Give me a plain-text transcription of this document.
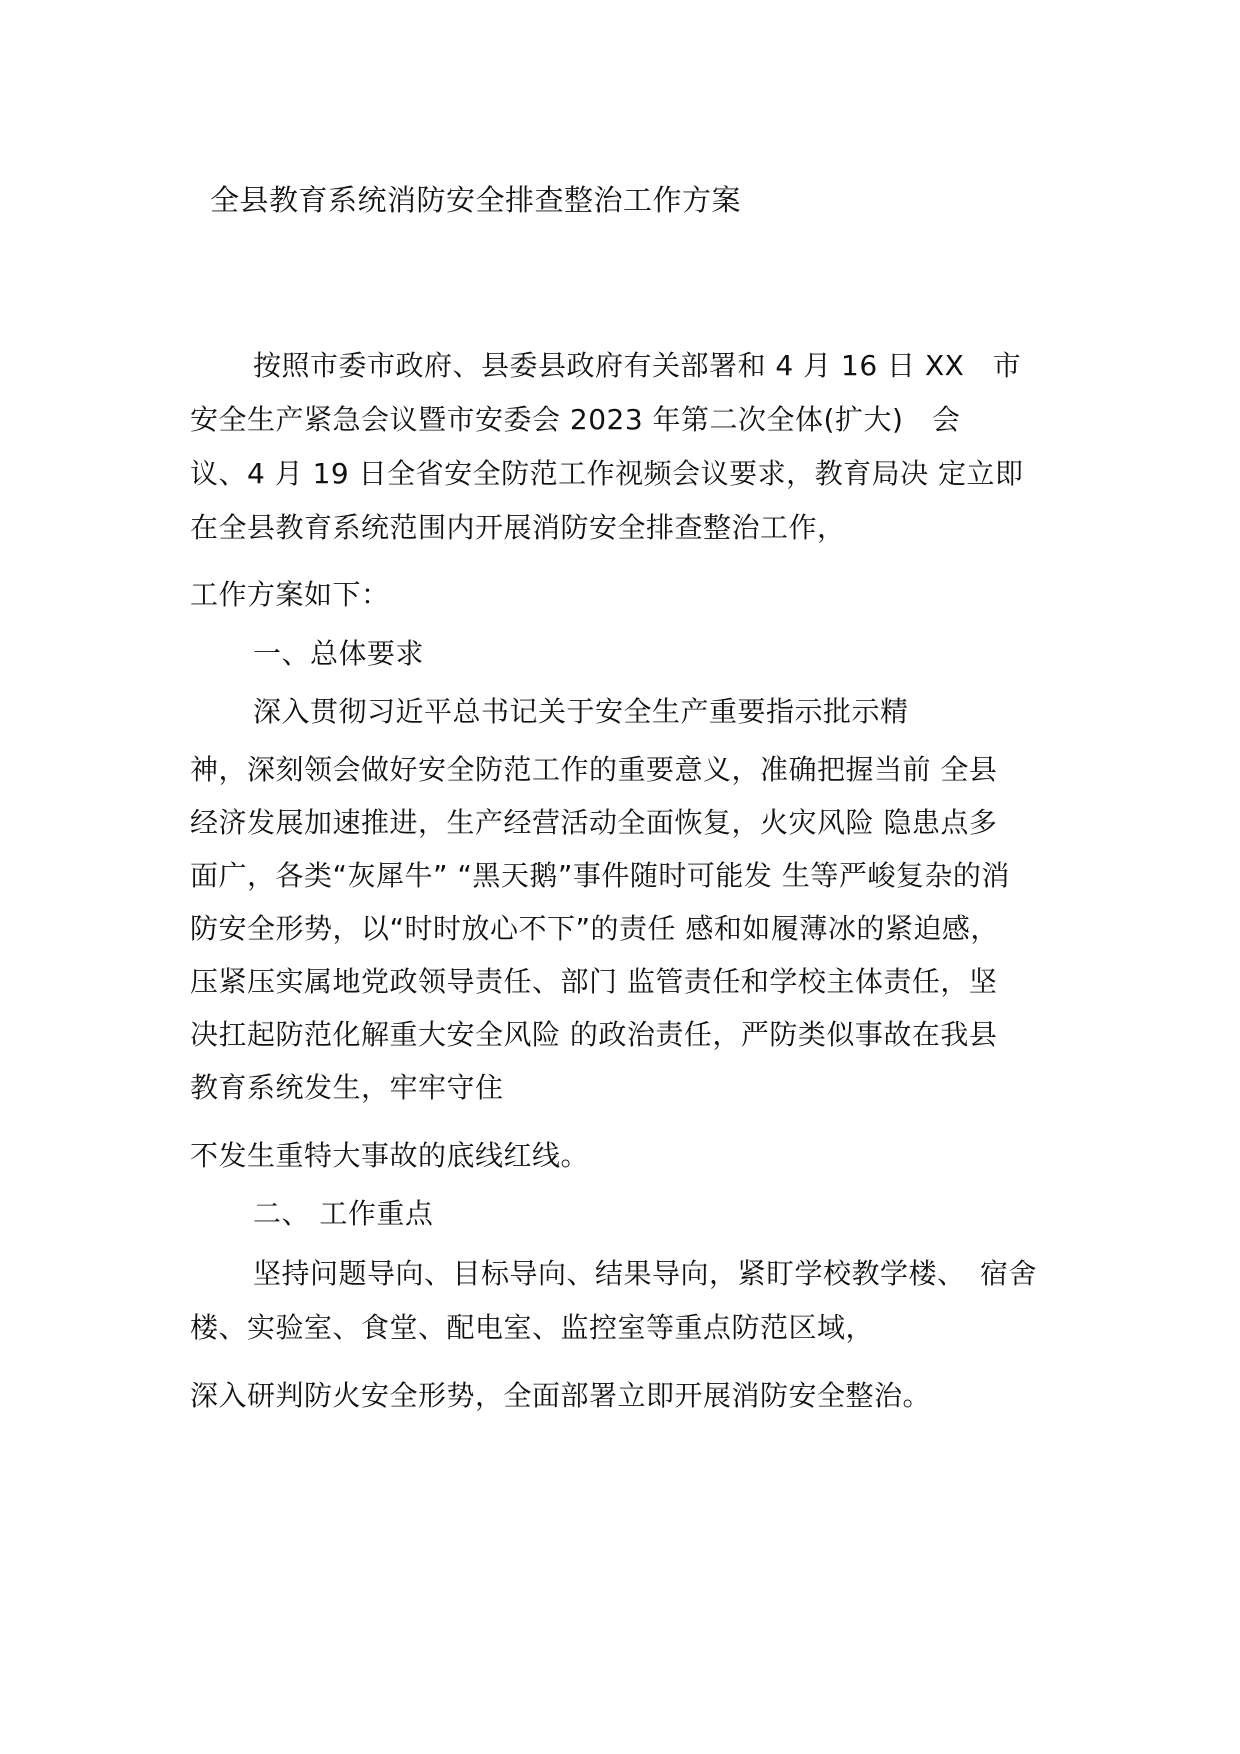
全县教育系统消防安全排查整治工作方案

按照市委市政府、县委县政府有关部署和 4 月 16 日 XX　市

安全生产紧急会议暨市安委会 2023 年第二次全体(扩大)　会

议、4 月 19 日全省安全防范工作视频会议要求，教育局决 定立即

在全县教育系统范围内开展消防安全排查整治工作，

工作方案如下：

一、总体要求

深入贯彻习近平总书记关于安全生产重要指示批示精

神，深刻领会做好安全防范工作的重要意义，准确把握当前 全县

经济发展加速推进，生产经营活动全面恢复，火灾风险 隐患点多

面广，各类“灰犀牛” “黑天鹅”事件随时可能发 生等严峻复杂的消

防安全形势，以“时时放心不下”的责任 感和如履薄冰的紧迫感，

压紧压实属地党政领导责任、部门 监管责任和学校主体责任，坚

决扛起防范化解重大安全风险 的政治责任，严防类似事故在我县

教育系统发生，牢牢守住

不发生重特大事故的底线红线。

二、 工作重点

坚持问题导向、目标导向、结果导向，紧盯学校教学楼、　宿舍

楼、实验室、食堂、配电室、监控室等重点防范区域，

深入研判防火安全形势，全面部署立即开展消防安全整治。
